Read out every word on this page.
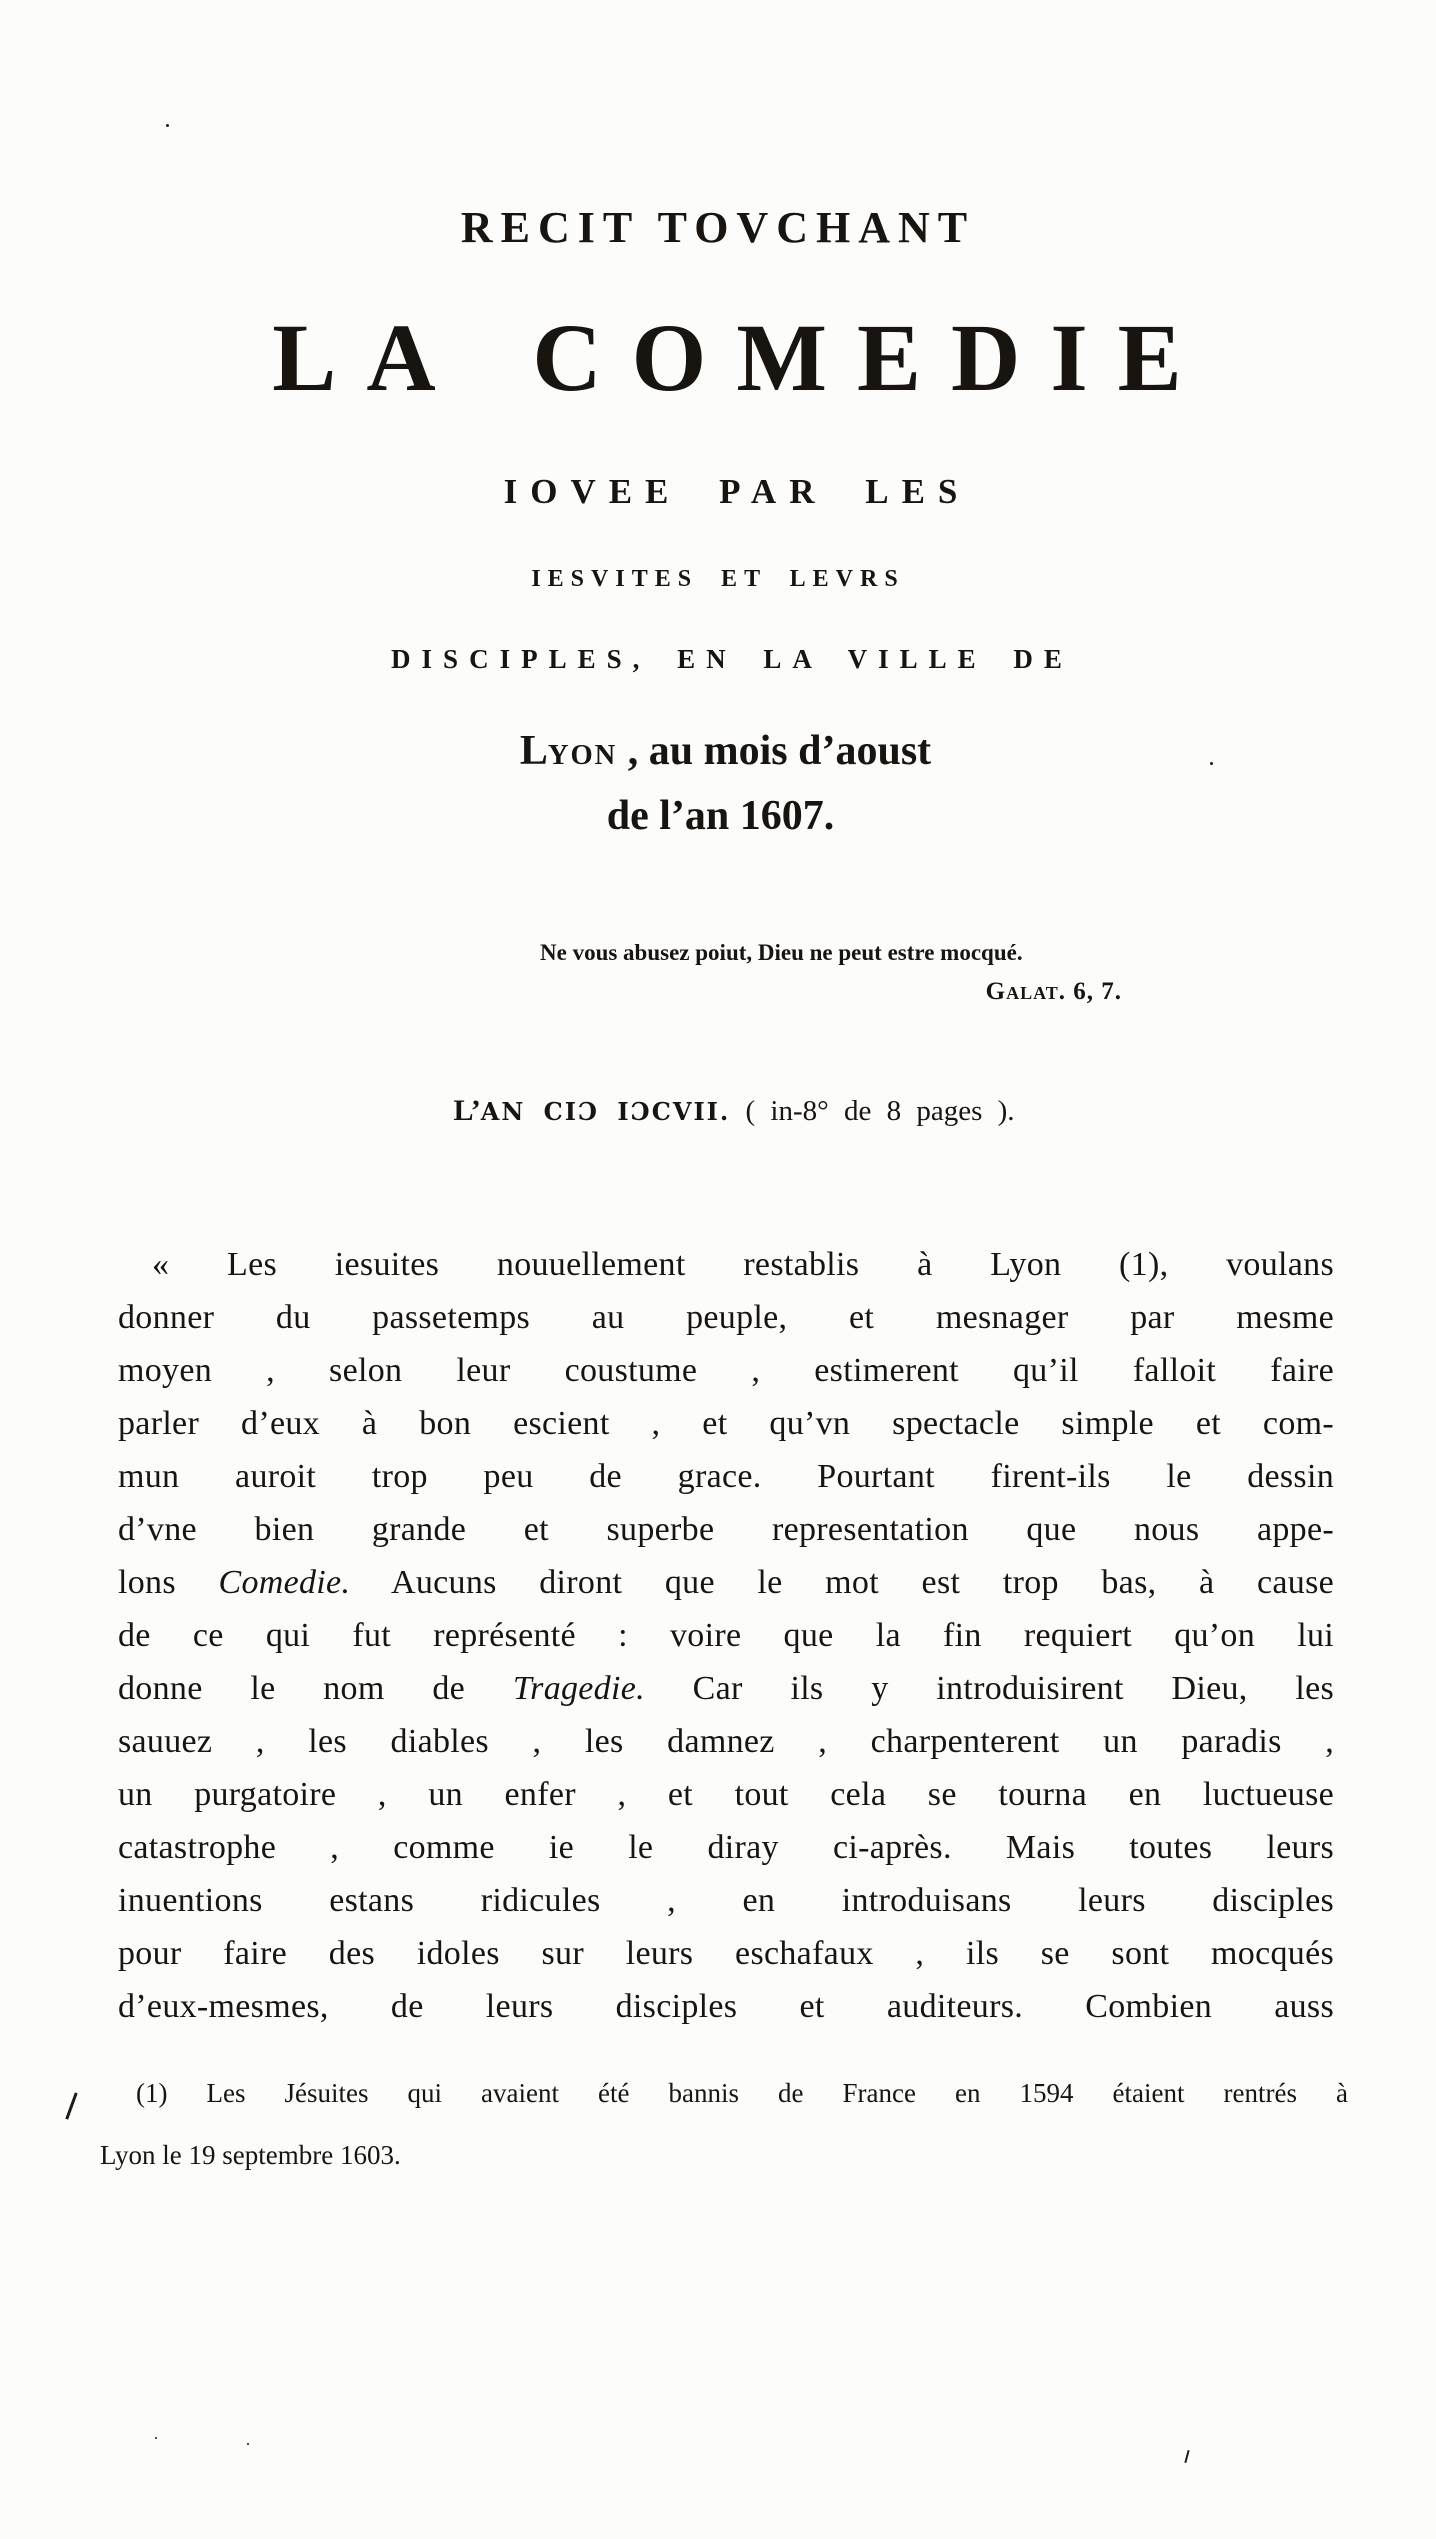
RECIT TOVCHANT
LA COMEDIE
IOVEE PAR LES
IESVITES ET LEVRS
DISCIPLES, EN LA VILLE DE
LYON , au mois d’aoust
de l’an 1607.
Ne vous abusez poiut, Dieu ne peut estre mocqué.
Galat. 6, 7.
L’AN CIƆ IƆCVII. ( in-8° de 8 pages ).
« Les iesuites nouuellement restablis à Lyon (1), voulans
donner du passetemps au peuple, et mesnager par mesme
moyen , selon leur coustume , estimerent qu’il falloit faire
parler d’eux à bon escient , et qu’vn spectacle simple et com-
mun auroit trop peu de grace. Pourtant firent-ils le dessin
d’vne bien grande et superbe representation que nous appe-
lons Comedie. Aucuns diront que le mot est trop bas, à cause
de ce qui fut représenté : voire que la fin requiert qu’on lui
donne le nom de Tragedie. Car ils y introduisirent Dieu, les
sauuez , les diables , les damnez , charpenterent un paradis ,
un purgatoire , un enfer , et tout cela se tourna en luctueuse
catastrophe , comme ie le diray ci-après. Mais toutes leurs
inuentions estans ridicules , en introduisans leurs disciples
pour faire des idoles sur leurs eschafaux , ils se sont mocqués
d’eux-mesmes, de leurs disciples et auditeurs. Combien auss
(1) Les Jésuites qui avaient été bannis de France en 1594 étaient rentrés à
Lyon le 19 septembre 1603.
